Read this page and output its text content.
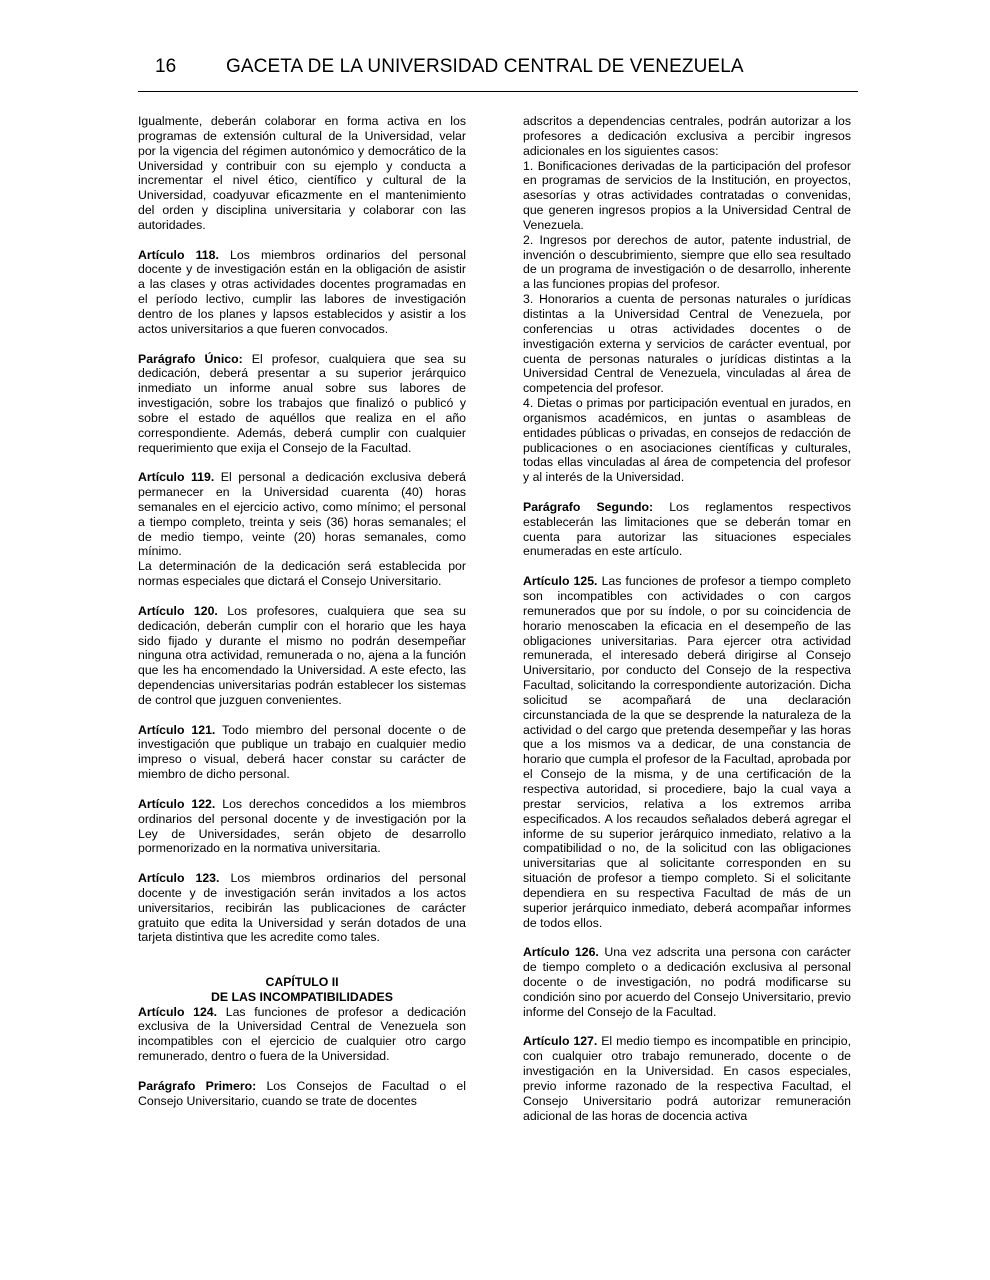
16	GACETA DE LA UNIVERSIDAD CENTRAL DE VENEZUELA

Igualmente, deberán colaborar en forma activa en los programas de extensión cultural de la Universidad, velar por la vigencia del régimen autonómico y democrático de la Universidad y contribuir con su ejemplo y conducta a incrementar el nivel ético, científico y cultural de la Universidad, coadyuvar eficazmente en el mantenimiento del orden y disciplina universitaria y colaborar con las autoridades.

Artículo 118. Los miembros ordinarios del personal docente y de investigación están en la obligación de asistir a las clases y otras actividades docentes programadas en el período lectivo, cumplir las labores de investigación dentro de los planes y lapsos establecidos y asistir a los actos universitarios a que fueren convocados.

Parágrafo Único: El profesor, cualquiera que sea su dedicación, deberá presentar a su superior jerárquico inmediato un informe anual sobre sus labores de investigación, sobre los trabajos que finalizó o publicó y sobre el estado de aquéllos que realiza en el año correspondiente. Además, deberá cumplir con cualquier requerimiento que exija el Consejo de la Facultad.

Artículo 119. El personal a dedicación exclusiva deberá permanecer en la Universidad cuarenta (40) horas semanales en el ejercicio activo, como mínimo; el personal a tiempo completo, treinta y seis (36) horas semanales; el de medio tiempo, veinte (20) horas semanales, como mínimo.

La determinación de la dedicación será establecida por normas especiales que dictará el Consejo Universitario.

Artículo 120. Los profesores, cualquiera que sea su dedicación, deberán cumplir con el horario que les haya sido fijado y durante el mismo no podrán desempeñar ninguna otra actividad, remunerada o no, ajena a la función que les ha encomendado la Universidad. A este efecto, las dependencias universitarias podrán establecer los sistemas de control que juzguen convenientes.

Artículo 121. Todo miembro del personal docente o de investigación que publique un trabajo en cualquier medio impreso o visual, deberá hacer constar su carácter de miembro de dicho personal.

Artículo 122. Los derechos concedidos a los miembros ordinarios del personal docente y de investigación por la Ley de Universidades, serán objeto de desarrollo pormenorizado en la normativa universitaria.

Artículo 123. Los miembros ordinarios del personal docente y de investigación serán invitados a los actos universitarios, recibirán las publicaciones de carácter gratuito que edita la Universidad y serán dotados de una tarjeta distintiva que les acredite como tales.

CAPÍTULO II

DE LAS INCOMPATIBILIDADES

Artículo 124. Las funciones de profesor a dedicación exclusiva de la Universidad Central de Venezuela son incompatibles con el ejercicio de cualquier otro cargo remunerado, dentro o fuera de la Universidad.

Parágrafo Primero: Los Consejos de Facultad o el Consejo Universitario, cuando se trate de docentes

adscritos a dependencias centrales, podrán autorizar a los profesores a dedicación exclusiva a percibir ingresos adicionales en los siguientes casos:

1. Bonificaciones derivadas de la participación del profesor en programas de servicios de la Institución, en proyectos, asesorías y otras actividades contratadas o convenidas, que generen ingresos propios a la Universidad Central de Venezuela.

2. Ingresos por derechos de autor, patente industrial, de invención o descubrimiento, siempre que ello sea resultado de un programa de investigación o de desarrollo, inherente a las funciones propias del profesor.

3. Honorarios a cuenta de personas naturales o jurídicas distintas a la Universidad Central de Venezuela, por conferencias u otras actividades docentes o de investigación externa y servicios de carácter eventual, por cuenta de personas naturales o jurídicas distintas a la Universidad Central de Venezuela, vinculadas al área de competencia del profesor.

4. Dietas o primas por participación eventual en jurados, en organismos académicos, en juntas o asambleas de entidades públicas o privadas, en consejos de redacción de publicaciones o en asociaciones científicas y culturales, todas ellas vinculadas al área de competencia del profesor y al interés de la Universidad.

Parágrafo Segundo: Los reglamentos respectivos establecerán las limitaciones que se deberán tomar en cuenta para autorizar las situaciones especiales enumeradas en este artículo.

Artículo 125. Las funciones de profesor a tiempo completo son incompatibles con actividades o con cargos remunerados que por su índole, o por su coincidencia de horario menoscaben la eficacia en el desempeño de las obligaciones universitarias. Para ejercer otra actividad remunerada, el interesado deberá dirigirse al Consejo Universitario, por conducto del Consejo de la respectiva Facultad, solicitando la correspondiente autorización. Dicha solicitud se acompañará de una declaración circunstanciada de la que se desprende la naturaleza de la actividad o del cargo que pretenda desempeñar y las horas que a los mismos va a dedicar, de una constancia de horario que cumpla el profesor de la Facultad, aprobada por el Consejo de la misma, y de una certificación de la respectiva autoridad, si procediere, bajo la cual vaya a prestar servicios, relativa a los extremos arriba especificados. A los recaudos señalados deberá agregar el informe de su superior jerárquico inmediato, relativo a la compatibilidad o no, de la solicitud con las obligaciones universitarias que al solicitante corresponden en su situación de profesor a tiempo completo. Si el solicitante dependiera en su respectiva Facultad de más de un superior jerárquico inmediato, deberá acompañar informes de todos ellos.

Artículo 126. Una vez adscrita una persona con carácter de tiempo completo o a dedicación exclusiva al personal docente o de investigación, no podrá modificarse su condición sino por acuerdo del Consejo Universitario, previo informe del Consejo de la Facultad.

Artículo 127. El medio tiempo es incompatible en principio, con cualquier otro trabajo remunerado, docente o de investigación en la Universidad. En casos especiales, previo informe razonado de la respectiva Facultad, el Consejo Universitario podrá autorizar remuneración adicional de las horas de docencia activa
